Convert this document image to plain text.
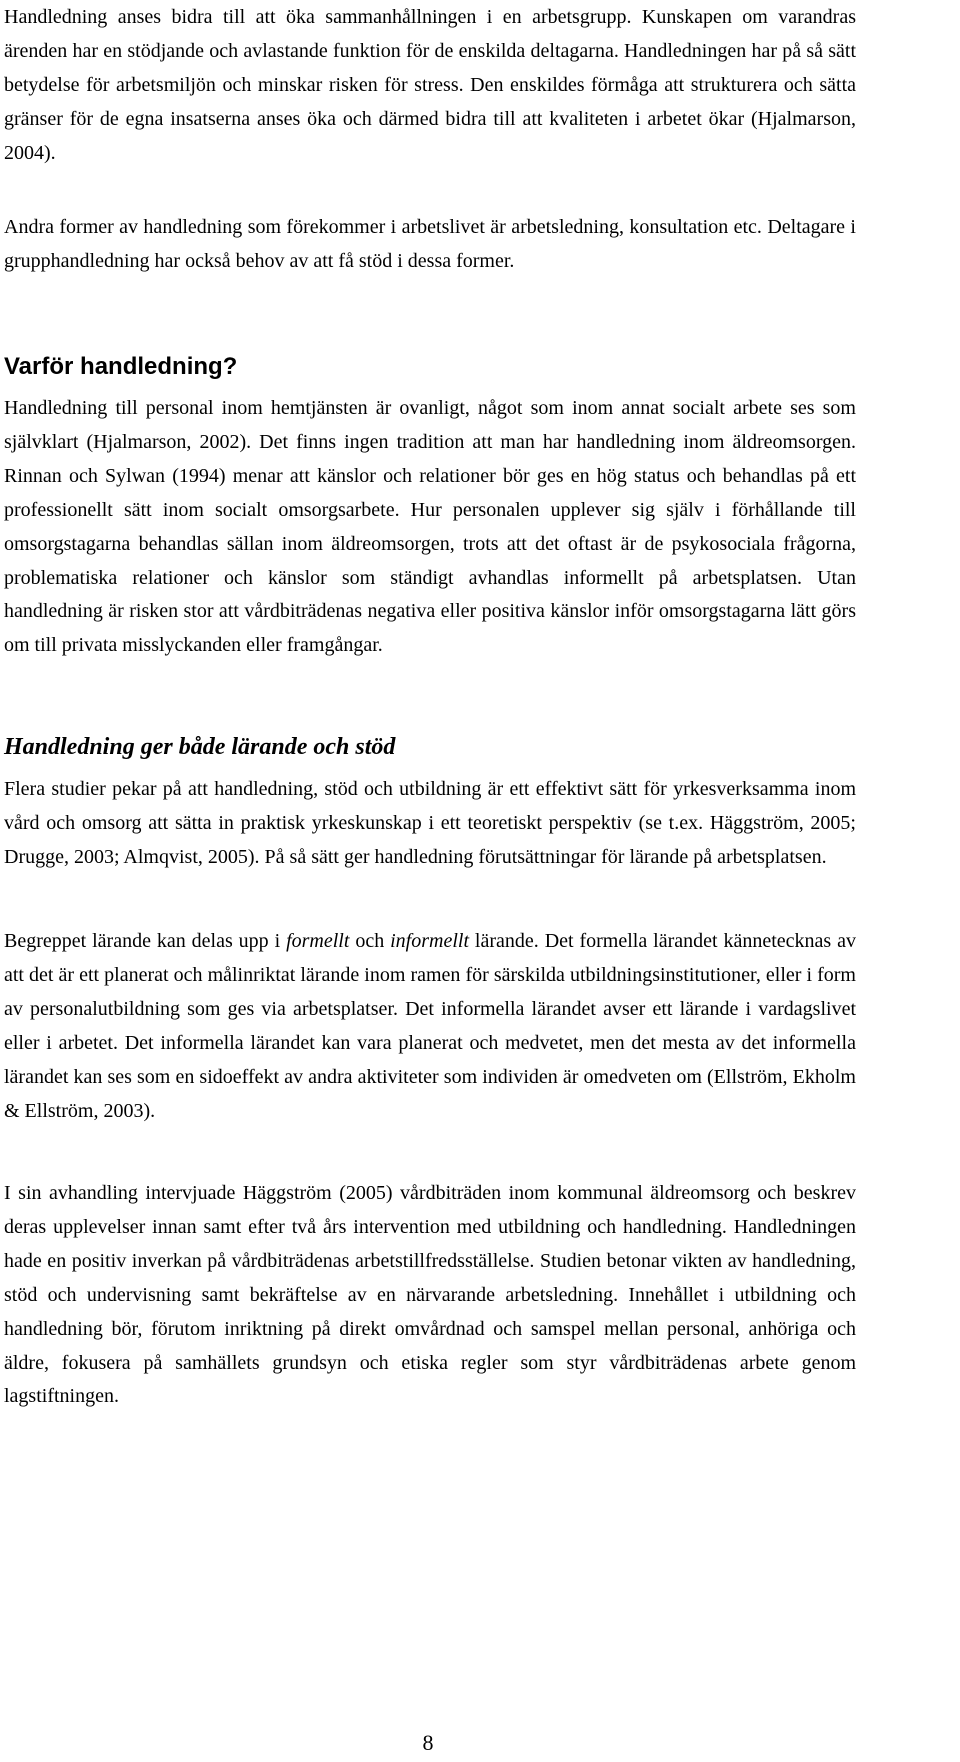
Handledning anses bidra till att öka sammanhållningen i en arbetsgrupp. Kunskapen om varandras ärenden har en stödjande och avlastande funktion för de enskilda deltagarna. Handledningen har på så sätt betydelse för arbetsmiljön och minskar risken för stress. Den enskildes förmåga att strukturera och sätta gränser för de egna insatserna anses öka och därmed bidra till att kvaliteten i arbetet ökar (Hjalmarson, 2004).

Andra former av handledning som förekommer i arbetslivet är arbetsledning, konsultation etc. Deltagare i grupphandledning har också behov av att få stöd i dessa former.

Varför handledning?

Handledning till personal inom hemtjänsten är ovanligt, något som inom annat socialt arbete ses som självklart (Hjalmarson, 2002). Det finns ingen tradition att man har handledning inom äldreomsorgen. Rinnan och Sylwan (1994) menar att känslor och relationer bör ges en hög status och behandlas på ett professionellt sätt inom socialt omsorgsarbete. Hur personalen upplever sig själv i förhållande till omsorgstagarna behandlas sällan inom äldreomsorgen, trots att det oftast är de psykosociala frågorna, problematiska relationer och känslor som ständigt avhandlas informellt på arbetsplatsen. Utan handledning är risken stor att vårdbiträdenas negativa eller positiva känslor inför omsorgstagarna lätt görs om till privata misslyckanden eller framgångar.

Handledning ger både lärande och stöd

Flera studier pekar på att handledning, stöd och utbildning är ett effektivt sätt för yrkesverksamma inom vård och omsorg att sätta in praktisk yrkeskunskap i ett teoretiskt perspektiv (se t.ex. Häggström, 2005; Drugge, 2003; Almqvist, 2005). På så sätt ger handledning förutsättningar för lärande på arbetsplatsen.

Begreppet lärande kan delas upp i formellt och informellt lärande. Det formella lärandet kännetecknas av att det är ett planerat och målinriktat lärande inom ramen för särskilda utbildningsinstitutioner, eller i form av personalutbildning som ges via arbetsplatser. Det informella lärandet avser ett lärande i vardagslivet eller i arbetet. Det informella lärandet kan vara planerat och medvetet, men det mesta av det informella lärandet kan ses som en sidoeffekt av andra aktiviteter som individen är omedveten om (Ellström, Ekholm & Ellström, 2003).

I sin avhandling intervjuade Häggström (2005) vårdbiträden inom kommunal äldreomsorg och beskrev deras upplevelser innan samt efter två års intervention med utbildning och handledning. Handledningen hade en positiv inverkan på vårdbiträdenas arbetstillfredsställelse. Studien betonar vikten av handledning, stöd och undervisning samt bekräftelse av en närvarande arbetsledning. Innehållet i utbildning och handledning bör, förutom inriktning på direkt omvårdnad och samspel mellan personal, anhöriga och äldre, fokusera på samhällets grundsyn och etiska regler som styr vårdbiträdenas arbete genom lagstiftningen.

8
